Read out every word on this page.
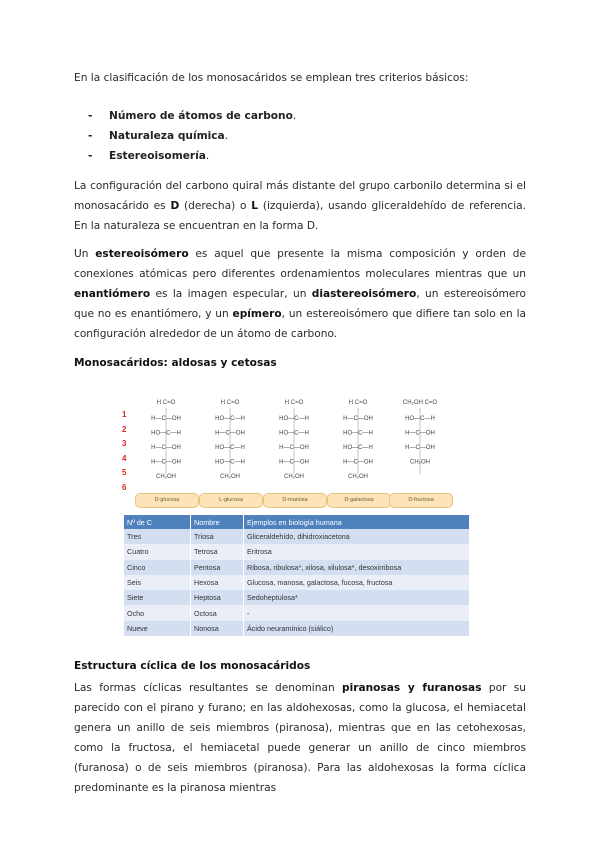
En la clasificación de los monosacáridos se emplean tres criterios básicos:
- Número de átomos de carbono.
- Naturaleza química.
- Estereoisomería.
La configuración del carbono quiral más distante del grupo carbonilo determina si el monosacárido es D (derecha) o L (izquierda), usando gliceraldehído de referencia. En la naturaleza se encuentran en la forma D.
Un estereoisómero es aquel que presente la misma composición y orden de conexiones atómicas pero diferentes ordenamientos moleculares mientras que un enantiómero es la imagen especular, un diastereoisómero, un estereoisómero que no es enantiómero, y un epímero, un estereoisómero que difiere tan solo en la configuración alrededor de un átomo de carbono.
Monosacáridos: aldosas y cetosas
1
2
3
4
5
6
H C=O
H—C—OH
HO—C—H
H—C—OH
H—C—OH
CH₂OH
D-glucosa
H C=O
HO—C—H
H—C—OH
HO—C—H
HO—C—H
CH₂OH
L-glucosa
H C=O
HO—C—H
HO—C—H
H—C—OH
H—C—OH
CH₂OH
D-manosa
H C=O
H—C—OH
HO—C—H
HO—C—H
H—C—OH
CH₂OH
D-galactosa
CH₂OH C=O
HO—C—H
H—C—OH
H—C—OH
CH₂OH
D-fructosa
Nº de C	Nombre	Ejemplos en biología humana
Tres	Triosa	Gliceraldehído, dihidroxiacetona
Cuatro	Tetrosa	Eritrosa
Cinco	Pentosa	Ribosa, ribulosa*, xilosa, xilulosa*, desoxirribosa
Seis	Hexosa	Glucosa, manosa, galactosa, fucosa, fructosa
Siete	Heptosa	Sedoheptulosa*
Ocho	Octosa	-
Nueve	Nonosa	Ácido neuramínico (siálico)
Estructura cíclica de los monosacáridos
Las formas cíclicas resultantes se denominan piranosas y furanosas por su parecido con el pirano y furano; en las aldohexosas, como la glucosa, el hemiacetal genera un anillo de seis miembros (piranosa), mientras que en las cetohexosas, como la fructosa, el hemiacetal puede generar un anillo de cinco miembros (furanosa) o de seis miembros (piranosa). Para las aldohexosas la forma cíclica predominante es la piranosa mientras
